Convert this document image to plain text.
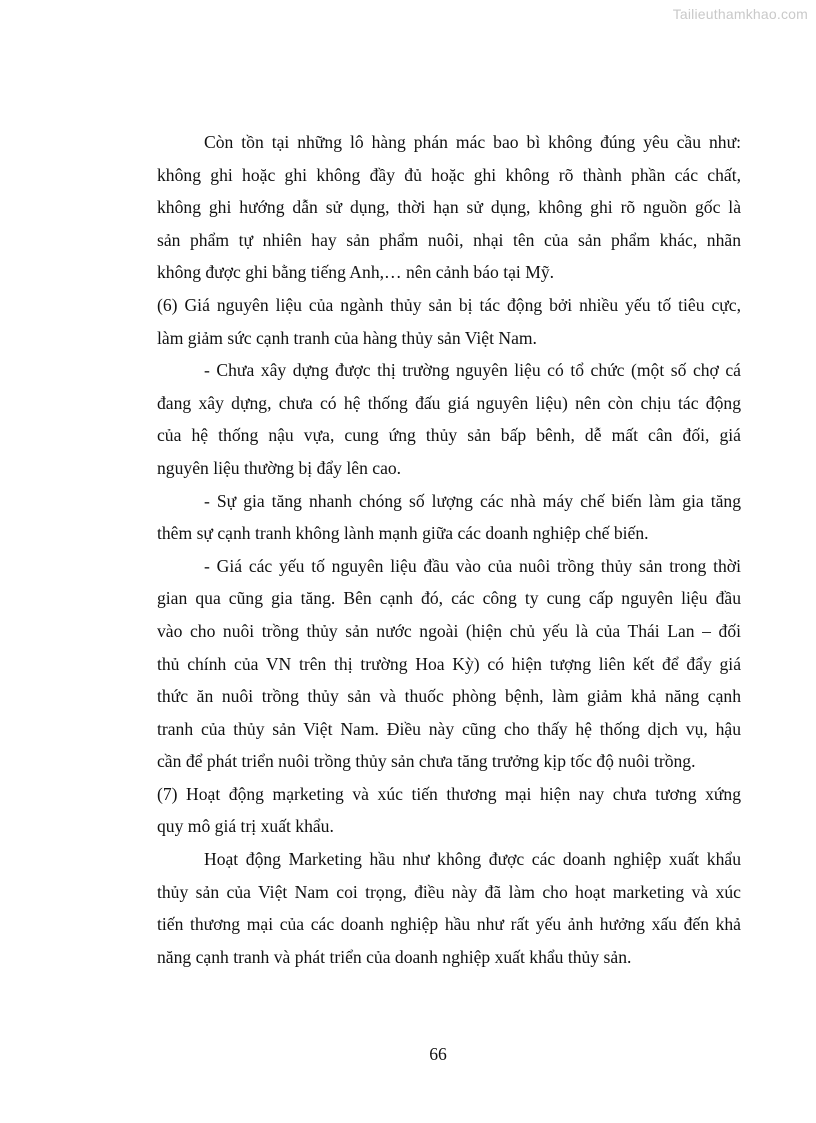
Tailieuthamkhao.com
Còn tồn tại những lô hàng phán mác bao bì không đúng yêu cầu như:
không ghi hoặc ghi không đầy đủ hoặc ghi không rõ thành phần các chất,
không ghi hướng dẫn sử dụng, thời hạn sử dụng, không ghi rõ nguồn gốc là
sản phẩm tự nhiên hay sản phẩm nuôi, nhại tên của sản phẩm khác, nhãn
không được ghi bằng tiếng Anh,… nên cảnh báo tại Mỹ.
(6) Giá nguyên liệu của ngành thủy sản bị tác động bởi nhiều yếu tố tiêu cực,
làm giảm sức cạnh tranh của hàng thủy sản Việt Nam.
- Chưa xây dựng được thị trường nguyên liệu có tổ chức (một số chợ cá
đang xây dựng, chưa có hệ thống đấu giá nguyên liệu) nên còn chịu tác động
của hệ thống nậu vựa, cung ứng thủy sản bấp bênh, dễ mất cân đối, giá
nguyên liệu thường bị đẩy lên cao.
- Sự gia tăng nhanh chóng số lượng các nhà máy chế biến làm gia tăng
thêm sự cạnh tranh không lành mạnh giữa các doanh nghiệp chế biến.
- Giá các yếu tố nguyên liệu đầu vào của nuôi trồng thủy sản trong thời
gian qua cũng gia tăng. Bên cạnh đó, các công ty cung cấp nguyên liệu đầu
vào cho nuôi trồng thủy sản nước ngoài (hiện chủ yếu là của Thái Lan – đối
thủ chính của VN trên thị trường Hoa Kỳ) có hiện tượng liên kết để đẩy giá
thức ăn nuôi trồng thủy sản và thuốc phòng bệnh, làm giảm khả năng cạnh
tranh của thủy sản Việt Nam. Điều này cũng cho thấy hệ thống dịch vụ, hậu
cần để phát triển nuôi trồng thủy sản chưa tăng trưởng kịp tốc độ nuôi trồng.
(7) Hoạt động mạrketing và xúc tiến thương mại hiện nay chưa tương xứng
quy mô giá trị xuất khẩu.
Hoạt động Marketing hầu như không được các doanh nghiệp xuất khẩu
thủy sản của Việt Nam coi trọng, điều này đã làm cho hoạt marketing và xúc
tiến thương mại của các doanh nghiệp hầu như rất yếu ảnh hưởng xấu đến khả
năng cạnh tranh và phát triển của doanh nghiệp xuất khẩu thủy sản.
66
